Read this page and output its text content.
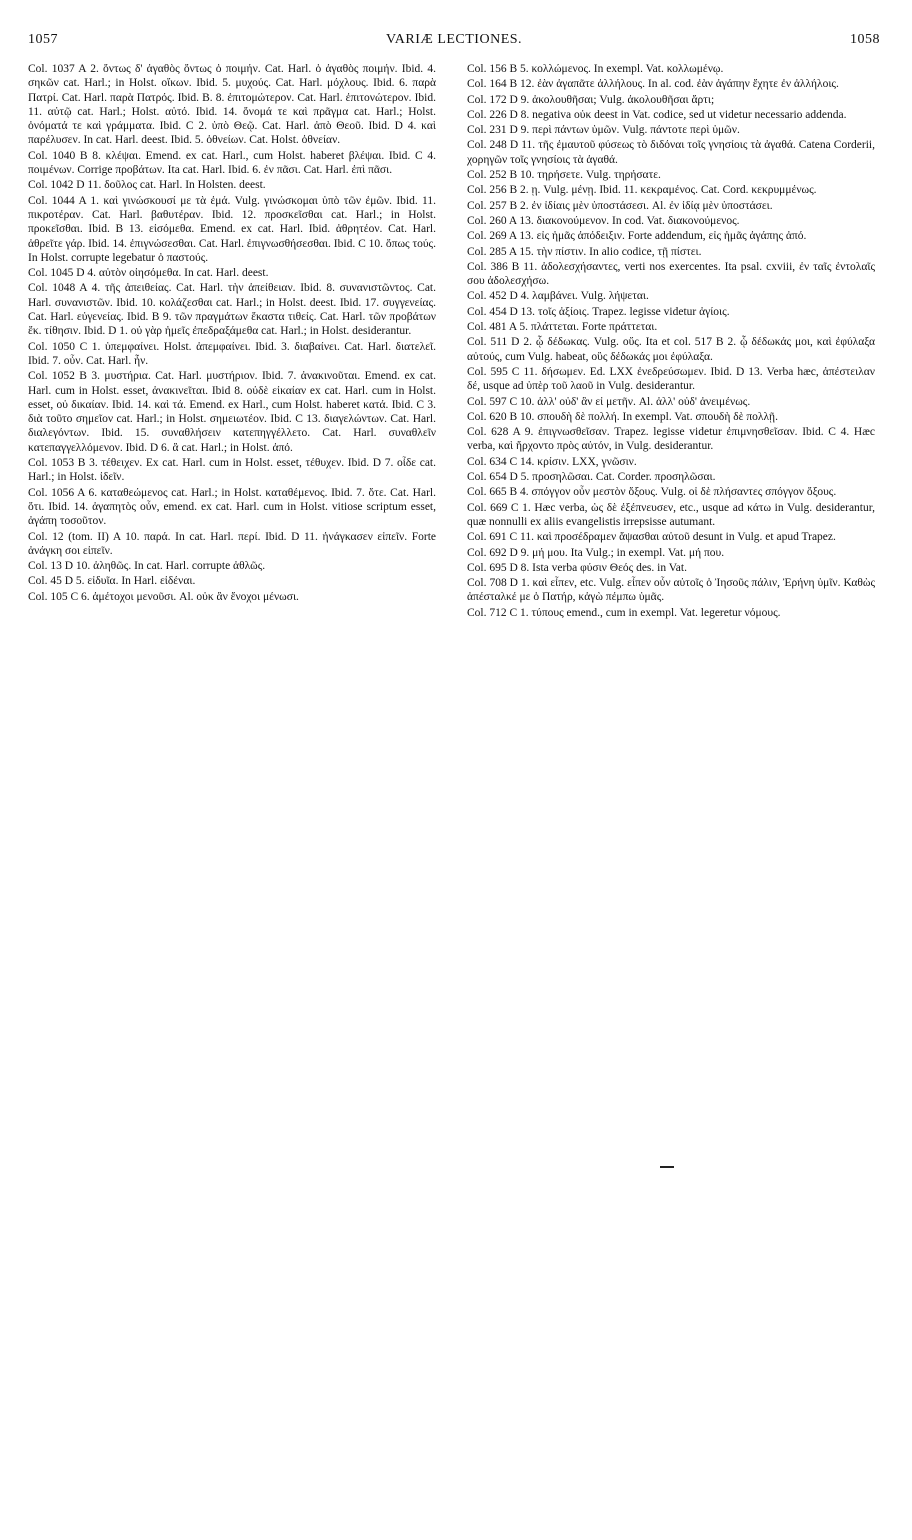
1057	VARIÆ LECTIONES.	1058

Col. 1037 A 2. ὄντως δ' ἀγαθὸς ὄντως ὁ ποιμήν. Cat. Harl. ὁ ἀγαθὸς ποιμήν. Ibid. 4. σηκῶν cat. Harl.; in Holst. οἴκων. Ibid. 5. μυχούς. Cat. Harl. μόχλους. Ibid. 6. παρὰ Πατρί. Cat. Harl. παρὰ Πατρός. Ibid. B. 8. ἐπιτομώτερον. Cat. Harl. ἐπιτονώτερον. Ibid. 11. αὐτῷ cat. Harl.; Holst. αὐτό. Ibid. 14. ὄνομά τε καὶ πρᾶγμα cat. Harl.; Holst. ὀνόματά τε καὶ γράμματα. Ibid. C 2. ὑπὸ Θεῷ. Cat. Harl. ἀπὸ Θεοῦ. Ibid. D 4. καὶ παρέλυσεν. In cat. Harl. deest. Ibid. 5. ὀθνείων. Cat. Holst. ὀθνείαν.

Col. 1040 B 8. κλέψαι. Emend. ex cat. Harl., cum Holst. haberet βλέψαι. Ibid. C 4. ποιμένων. Corrige προβάτων. Ita cat. Harl. Ibid. 6. ἐν πᾶσι. Cat. Harl. ἐπὶ πᾶσι.

Col. 1042 D 11. δοῦλος cat. Harl. In Holsten. deest.

Col. 1044 A 1. καὶ γινώσκουσί με τὰ ἐμά. Vulg. γινώσκομαι ὑπὸ τῶν ἐμῶν. Ibid. 11. πικροτέραν. Cat. Harl. βαθυτέραν. Ibid. 12. προσκεῖσθαι cat. Harl.; in Holst. προκεῖσθαι. Ibid. B 13. εἰσόμεθα. Emend. ex cat. Harl. Ibid. ἀθρητέον. Cat. Harl. ἀθρεῖτε γάρ. Ibid. 14. ἐπιγνώσεσθαι. Cat. Harl. ἐπιγνωσθήσεσθαι. Ibid. C 10. ὅπως τούς. In Holst. corrupte legebatur ὁ παστούς.

Col. 1045 D 4. αὐτὸν οἰησόμεθα. In cat. Harl. deest.

Col. 1048 A 4. τῆς ἀπειθείας. Cat. Harl. τὴν ἀπείθειαν. Ibid. 8. συνανιστῶντος. Cat. Harl. συνανιστῶν. Ibid. 10. κολάζεσθαι cat. Harl.; in Holst. deest. Ibid. 17. συγγενείας. Cat. Harl. εὐγενείας. Ibid. B 9. τῶν πραγμάτων ἕκαστα τιθείς. Cat. Harl. τῶν προβάτων ἕκ. τίθησιν. Ibid. D 1. οὐ γὰρ ἡμεῖς ἐπεδραξάμεθα cat. Harl.; in Holst. desiderantur.

Col. 1050 C 1. ὑπεμφαίνει. Holst. ἀπεμφαίνει. Ibid. 3. διαβαίνει. Cat. Harl. διατελεῖ. Ibid. 7. οὖν. Cat. Harl. ἦν.

Col. 1052 B 3. μυστήρια. Cat. Harl. μυστήριον. Ibid. 7. ἀνακινοῦται. Emend. ex cat. Harl. cum in Holst. esset, ἀνακινεῖται. Ibid 8. οὐδὲ εἰκαίαν ex cat. Harl. cum in Holst. esset, οὐ δικαίαν. Ibid. 14. καὶ τά. Emend. ex Harl., cum Holst. haberet κατά. Ibid. C 3. διὰ τοῦτο σημεῖον cat. Harl.; in Holst. σημειωτέον. Ibid. C 13. διαγελώντων. Cat. Harl. διαλεγόντων. Ibid. 15. συναθλήσειν κατεπηγγέλλετο. Cat. Harl. συναθλεῖν κατεπαγγελλόμενον. Ibid. D 6. ἃ cat. Harl.; in Holst. ἀπό.

Col. 1053 B 3. τέθειχεν. Ex cat. Harl. cum in Holst. esset, τέθυχεν. Ibid. D 7. οἶδε cat. Harl.; in Holst. ἰδεῖν.

Col. 1056 A 6. καταθεώμενος cat. Harl.; in Holst. καταθέμενος. Ibid. 7. ὅτε. Cat. Harl. ὅτι. Ibid. 14. ἀγαπητὸς οὖν, emend. ex cat. Harl. cum in Holst. vitiose scriptum esset, ἀγάπη τοσοῦτον.

Col. 12 (tom. II) A 10. παρά. In cat. Harl. περί. Ibid. D 11. ἠνάγκασεν εἰπεῖν. Forte ἀνάγκη σοι εἰπεῖν.

Col. 13 D 10. ἀληθῶς. In cat. Harl. corrupte ἀθλῶς.

Col. 45 D 5. εἰδυῖα. In Harl. εἰδέναι.

Col. 105 C 6. ἀμέτοχοι μενοῦσι. Al. οὐκ ἂν ἔνοχοι μένωσι.

Col. 156 B 5. κολλώμενος. In exempl. Vat. κολλωμένῳ.

Col. 164 B 12. ἐὰν ἀγαπᾶτε ἀλλήλους. In al. cod. ἐὰν ἀγάπην ἔχητε ἐν ἀλλήλοις.

Col. 172 D 9. ἀκολουθῆσαι; Vulg. ἀκολουθῆσαι ἄρτι;

Col. 226 D 8. negativa οὐκ deest in Vat. codice, sed ut videtur necessario addenda.

Col. 231 D 9. περὶ πάντων ὑμῶν. Vulg. πάντοτε περὶ ὑμῶν.

Col. 248 D 11. τῆς ἐμαυτοῦ φύσεως τὸ διδόναι τοῖς γνησίοις τὰ ἀγαθά. Catena Corderii, χορηγῶν τοῖς γνησίοις τὰ ἀγαθά.

Col. 252 B 10. τηρήσετε. Vulg. τηρήσατε.

Col. 256 B 2. ῃ. Vulg. μένῃ. Ibid. 11. κεκραμένος. Cat. Cord. κεκρυμμένως.

Col. 257 B 2. ἐν ἰδίαις μὲν ὑποστάσεσι. Al. ἐν ἰδίᾳ μὲν ὑποστάσει.

Col. 260 A 13. διακονούμενον. In cod. Vat. διακονούμενος.

Col. 269 A 13. εἰς ἡμᾶς ἀπόδειξιν. Forte addendum, εἰς ἡμᾶς ἀγάπης ἀπό.

Col. 285 A 15. τὴν πίστιν. In alio codice, τῇ πίστει.

Col. 386 B 11. ἀδολεσχήσαντες, verti nos exercentes. Ita psal. cxviii, ἐν ταῖς ἐντολαῖς σου ἀδολεσχήσω.

Col. 452 D 4. λαμβάνει. Vulg. λήψεται.

Col. 454 D 13. τοῖς ἀξίοις. Trapez. legisse videtur ἁγίοις.

Col. 481 A 5. πλάττεται. Forte πράττεται.

Col. 511 D 2. ᾧ δέδωκας. Vulg. οὕς. Ita et col. 517 B 2. ᾧ δέδωκάς μοι, καὶ ἐφύλαξα αὐτούς, cum Vulg. habeat, οὓς δέδωκάς μοι ἐφύλαξα.

Col. 595 C 11. δήσωμεν. Ed. LXX ἐνεδρεύσωμεν. Ibid. D 13. Verba hæc, ἀπέστειλαν δέ, usque ad ὑπὲρ τοῦ λαοῦ in Vulg. desiderantur.

Col. 597 C 10. ἀλλ' οὐδ' ἂν εἰ μετῆν. Al. ἀλλ' οὐδ' ἀνειμένως.

Col. 620 B 10. σπουδὴ δὲ πολλή. In exempl. Vat. σπουδὴ δὲ πολλῇ.

Col. 628 A 9. ἐπιγνωσθεῖσαν. Trapez. legisse videtur ἐπιμνησθεῖσαν. Ibid. C 4. Hæc verba, καὶ ἤρχοντο πρὸς αὐτόν, in Vulg. desiderantur.

Col. 634 C 14. κρίσιν. LXX, γνῶσιν.

Col. 654 D 5. προσηλῶσαι. Cat. Corder. προσηλῶσαι.

Col. 665 B 4. σπόγγον οὖν μεστὸν ὄξους. Vulg. οἱ δὲ πλήσαντες σπόγγον ὄξους.

Col. 669 C 1. Hæc verba, ὡς δὲ ἐξέπνευσεν, etc., usque ad κάτω in Vulg. desiderantur, quæ nonnulli ex aliis evangelistis irrepsisse autumant.

Col. 691 C 11. καὶ προσέδραμεν ἅψασθαι αὐτοῦ desunt in Vulg. et apud Trapez.

Col. 692 D 9. μή μου. Ita Vulg.; in exempl. Vat. μή που.

Col. 695 D 8. Ista verba φύσιν Θεός des. in Vat.

Col. 708 D 1. καὶ εἶπεν, etc. Vulg. εἶπεν οὖν αὐτοῖς ὁ Ἰησοῦς πάλιν, Ἐρήνη ὑμῖν. Καθὼς ἀπέσταλκέ με ὁ Πατήρ, κἀγὼ πέμπω ὑμᾶς.

Col. 712 C 1. τύπους emend., cum in exempl. Vat. legeretur νόμους.
